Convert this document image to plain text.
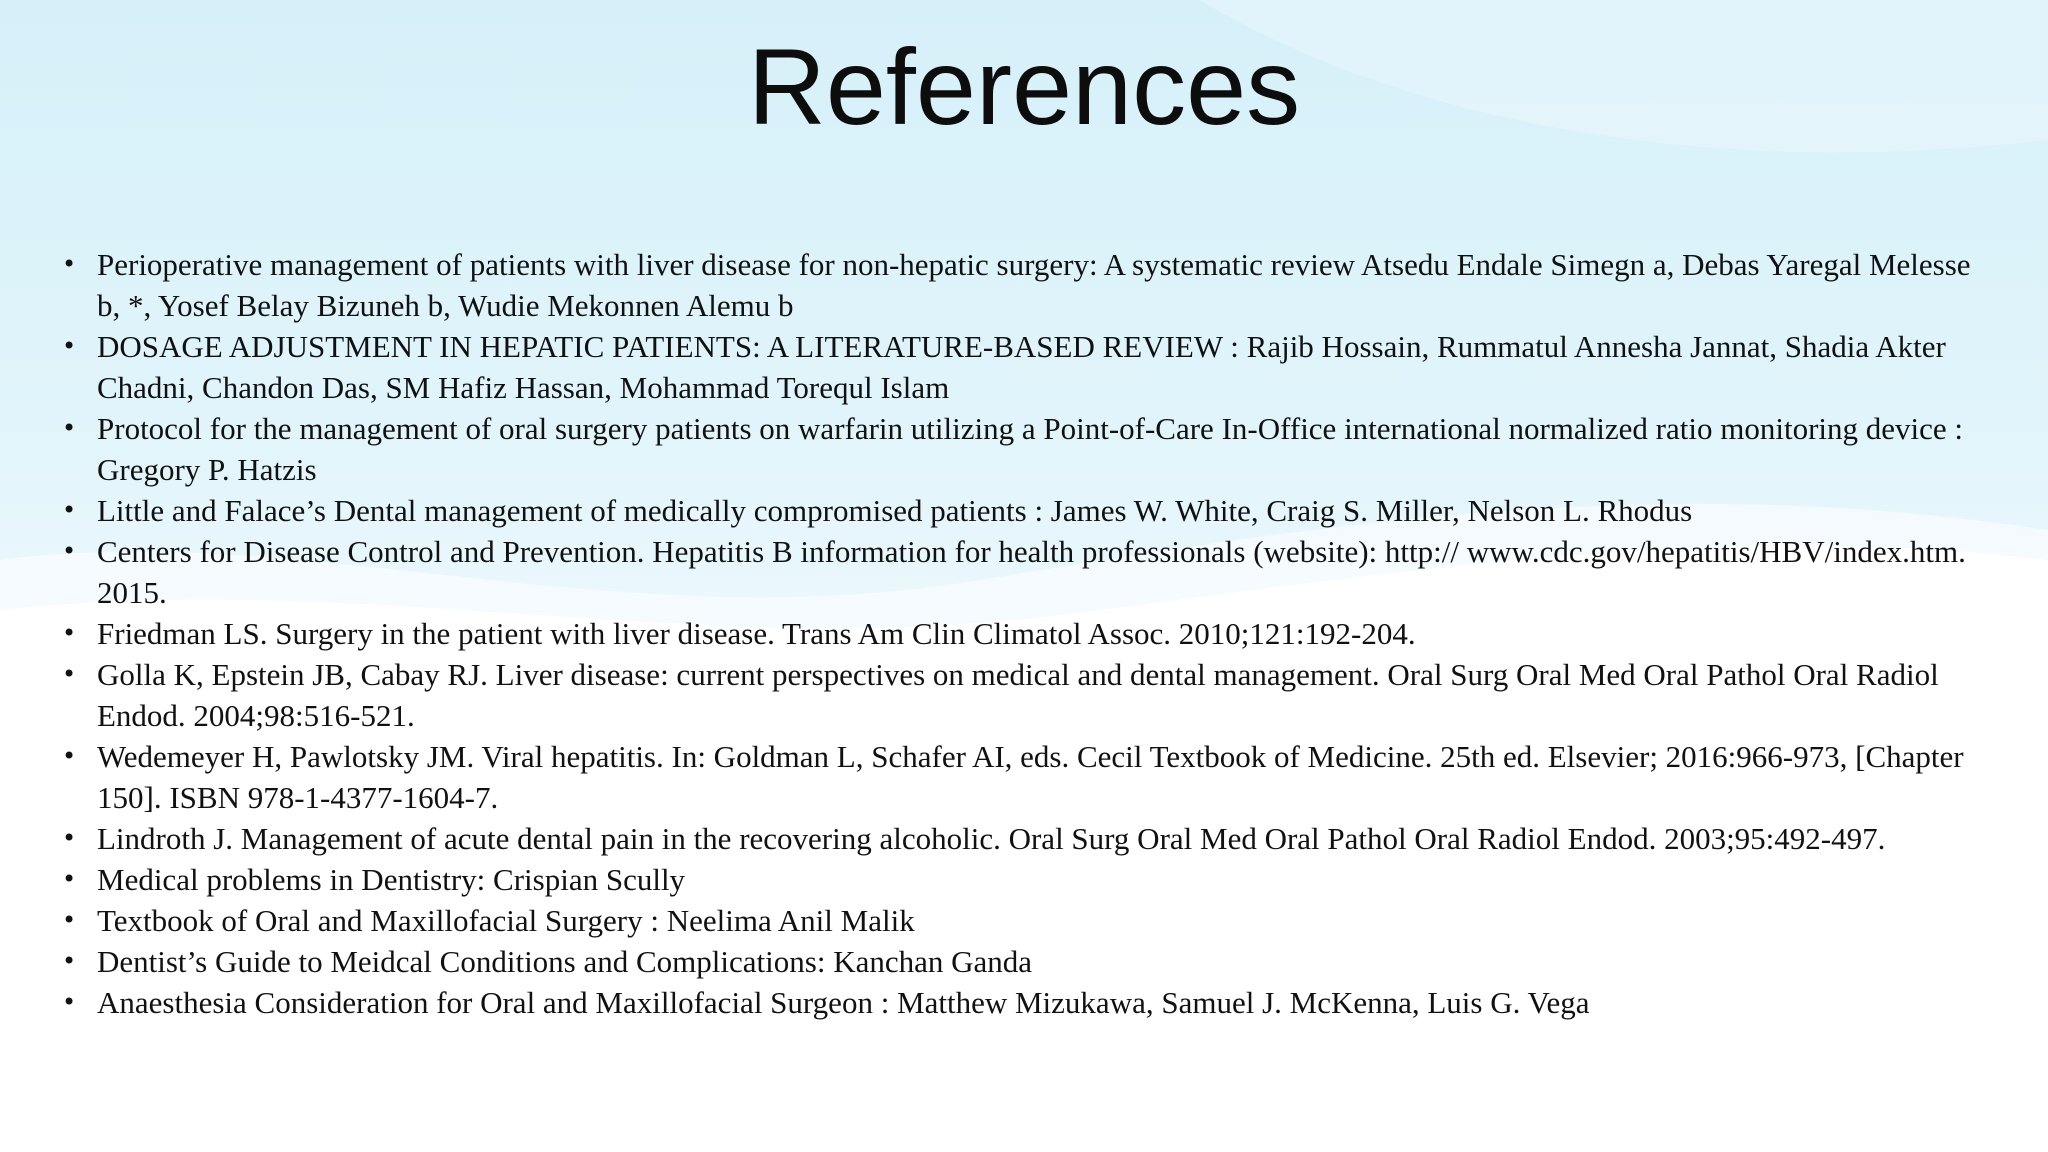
References
• Perioperative management of patients with liver disease for non-hepatic surgery: A systematic review Atsedu Endale Simegn a, Debas Yaregal Melesse b, *, Yosef Belay Bizuneh b, Wudie Mekonnen Alemu b
• DOSAGE ADJUSTMENT IN HEPATIC PATIENTS: A LITERATURE-BASED REVIEW : Rajib Hossain, Rummatul Annesha Jannat, Shadia Akter Chadni, Chandon Das, SM Hafiz Hassan, Mohammad Torequl Islam
• Protocol for the management of oral surgery patients on warfarin utilizing a Point-of-Care In-Office international normalized ratio monitoring device : Gregory P. Hatzis
• Little and Falace’s Dental management of medically compromised patients : James W. White, Craig S. Miller, Nelson L. Rhodus
• Centers for Disease Control and Prevention. Hepatitis B information for health professionals (website): http:// www.cdc.gov/hepatitis/HBV/index.htm. 2015.
• Friedman LS. Surgery in the patient with liver disease. Trans Am Clin Climatol Assoc. 2010;121:192-204.
• Golla K, Epstein JB, Cabay RJ. Liver disease: current perspectives on medical and dental management. Oral Surg Oral Med Oral Pathol Oral Radiol Endod. 2004;98:516-521.
• Wedemeyer H, Pawlotsky JM. Viral hepatitis. In: Goldman L, Schafer AI, eds. Cecil Textbook of Medicine. 25th ed. Elsevier; 2016:966-973, [Chapter 150]. ISBN 978-1-4377-1604-7.
• Lindroth J. Management of acute dental pain in the recovering alcoholic. Oral Surg Oral Med Oral Pathol Oral Radiol Endod. 2003;95:492-497.
• Medical problems in Dentistry: Crispian Scully
• Textbook of Oral and Maxillofacial Surgery : Neelima Anil Malik
• Dentist’s Guide to Meidcal Conditions and Complications: Kanchan Ganda
• Anaesthesia Consideration for Oral and Maxillofacial Surgeon : Matthew Mizukawa, Samuel J. McKenna, Luis G. Vega
